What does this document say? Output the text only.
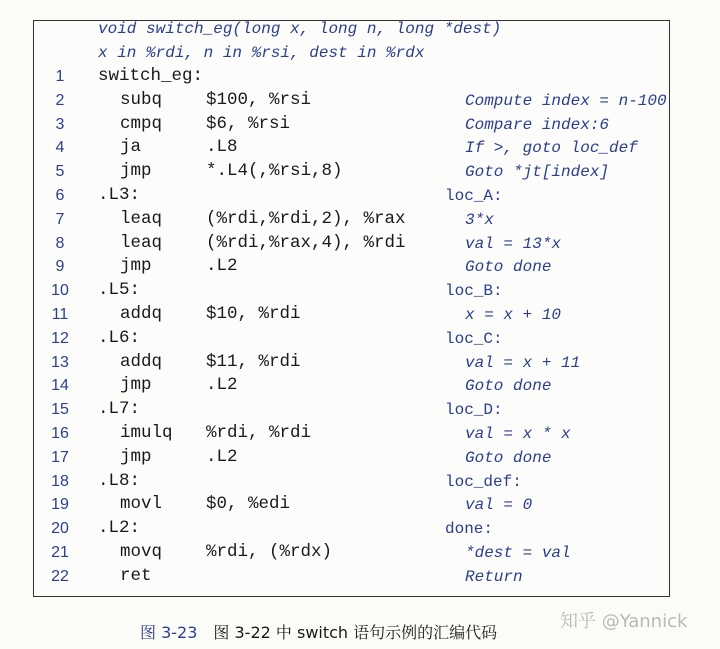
void switch_eg(long x, long n, long *dest)
x in %rdi, n in %rsi, dest in %rdx
1	switch_eg:
2	subq	$100, %rsi	Compute index = n-100
3	cmpq	$6, %rsi	Compare index:6
4	ja	.L8	If >, goto loc_def
5	jmp	*.L4(,%rsi,8)	Goto *jt[index]
6	.L3:	loc_A:
7	leaq	(%rdi,%rdi,2), %rax	3*x
8	leaq	(%rdi,%rax,4), %rdi	val = 13*x
9	jmp	.L2	Goto done
10 .L5:	loc_B:
11	addq	$10, %rdi	x = x + 10
12 .L6:	loc_C:
13	addq	$11, %rdi	val = x + 11
14	jmp	.L2	Goto done
15 .L7:	loc_D:
16	imulq %rdi, %rdi	val = x * x
17	jmp	.L2	Goto done
18 .L8:	loc_def:
19	movl	$0, %edi	val = 0
20 .L2:	done:
21	movq	%rdi, (%rdx)	*dest = val
22	ret	Return
图 3-23 图 3-22 中 switch 语句示例的汇编代码
知乎 @Yannick
